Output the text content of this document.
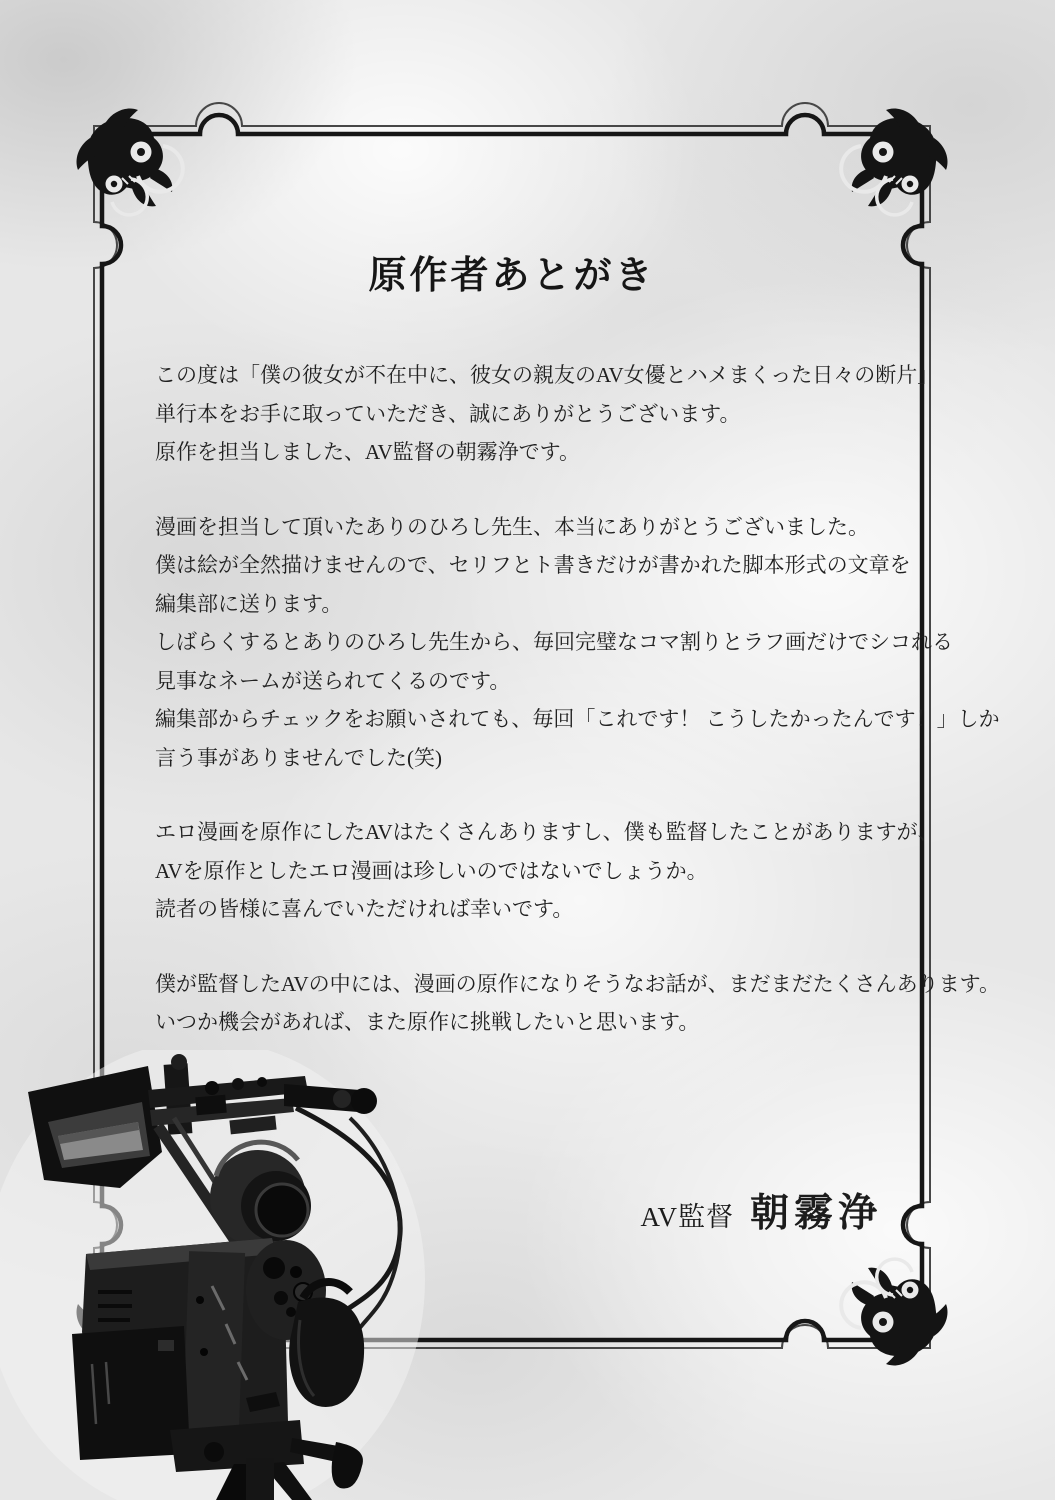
原作者あとがき
この度は「僕の彼女が不在中に、彼女の親友のAV女優とハメまくった日々の断片」
単行本をお手に取っていただき、誠にありがとうございます。
原作を担当しました、AV監督の朝霧浄です。
漫画を担当して頂いたありのひろし先生、本当にありがとうございました。
僕は絵が全然描けませんので、セリフとト書きだけが書かれた脚本形式の文章を
編集部に送ります。
しばらくするとありのひろし先生から、毎回完璧なコマ割りとラフ画だけでシコれる
見事なネームが送られてくるのです。
編集部からチェックをお願いされても、毎回「これです！ こうしたかったんです！」しか
言う事がありませんでした(笑)
エロ漫画を原作にしたAVはたくさんありますし、僕も監督したことがありますが、
AVを原作としたエロ漫画は珍しいのではないでしょうか。
読者の皆様に喜んでいただければ幸いです。
僕が監督したAVの中には、漫画の原作になりそうなお話が、まだまだたくさんあります。
いつか機会があれば、また原作に挑戦したいと思います。
AV監督 朝霧浄
